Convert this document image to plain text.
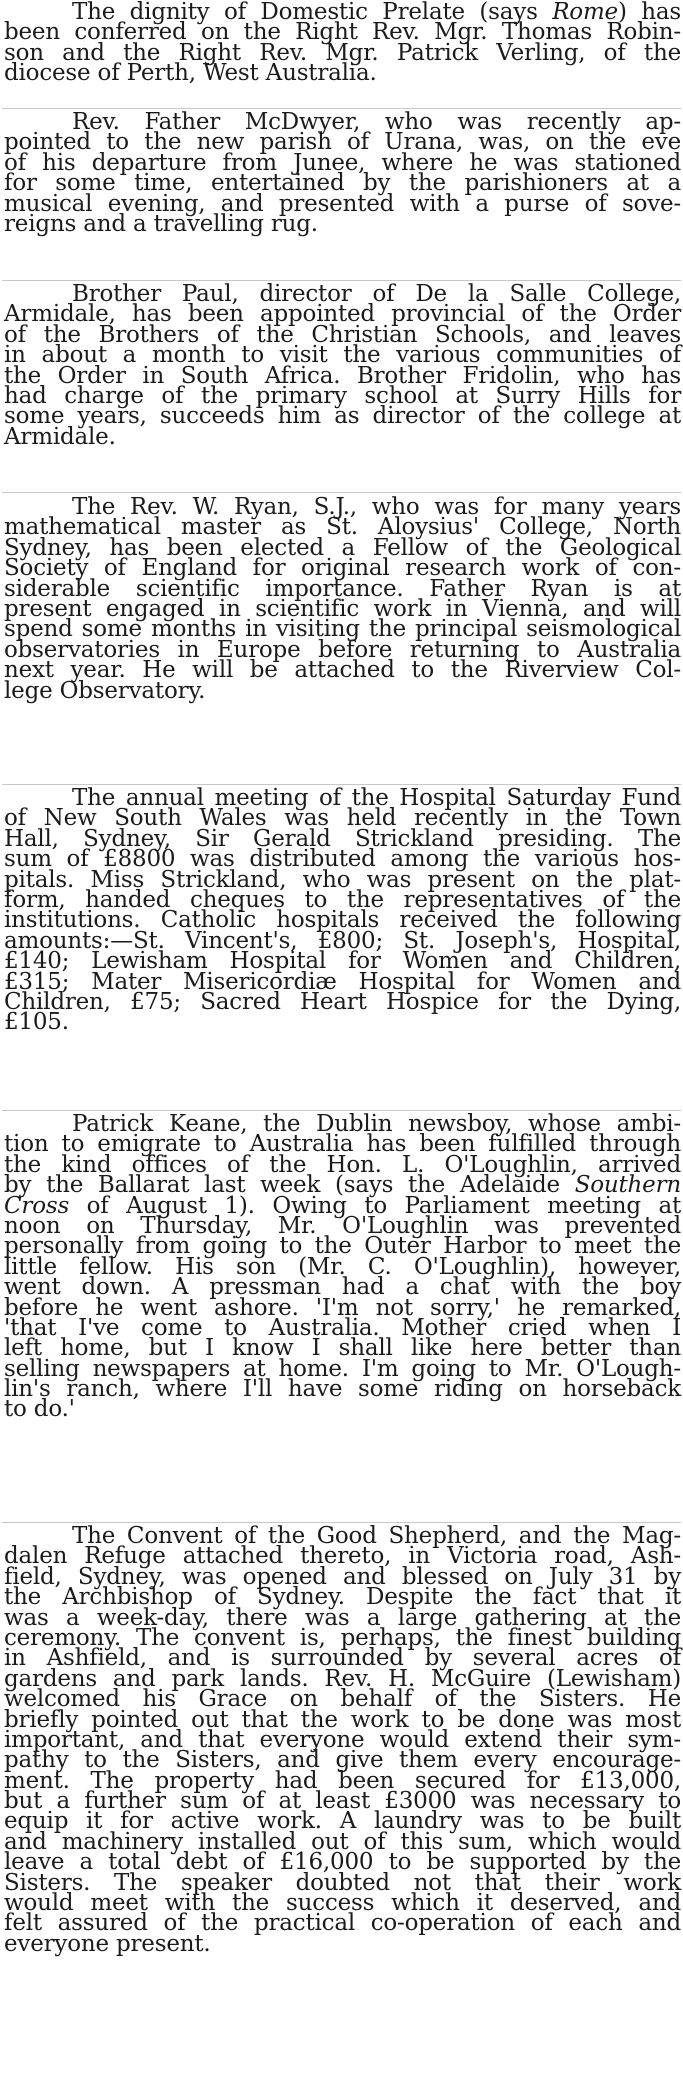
The dignity of Domestic Prelate (says Rome) has
been conferred on the Right Rev. Mgr. Thomas Robin-
son and the Right Rev. Mgr. Patrick Verling, of the
diocese of Perth, West Australia.
Rev. Father McDwyer, who was recently ap-
pointed to the new parish of Urana, was, on the eve
of his departure from Junee, where he was stationed
for some time, entertained by the parishioners at a
musical evening, and presented with a purse of sove-
reigns and a travelling rug.
Brother Paul, director of De la Salle College,
Armidale, has been appointed provincial of the Order
of the Brothers of the Christian Schools, and leaves
in about a month to visit the various communities of
the Order in South Africa. Brother Fridolin, who has
had charge of the primary school at Surry Hills for
some years, succeeds him as director of the college at
Armidale.
The Rev. W. Ryan, S.J., who was for many years
mathematical master as St. Aloysius' College, North
Sydney, has been elected a Fellow of the Geological
Society of England for original research work of con-
siderable scientific importance. Father Ryan is at
present engaged in scientific work in Vienna, and will
spend some months in visiting the principal seismological
observatories in Europe before returning to Australia
next year. He will be attached to the Riverview Col-
lege Observatory.
The annual meeting of the Hospital Saturday Fund
of New South Wales was held recently in the Town
Hall, Sydney, Sir Gerald Strickland presiding. The
sum of £8800 was distributed among the various hos-
pitals. Miss Strickland, who was present on the plat-
form, handed cheques to the representatives of the
institutions. Catholic hospitals received the following
amounts:—St. Vincent's, £800; St. Joseph's, Hospital,
£140; Lewisham Hospital for Women and Children,
£315; Mater Misericordiæ Hospital for Women and
Children, £75; Sacred Heart Hospice for the Dying,
£105.
Patrick Keane, the Dublin newsboy, whose ambi-
tion to emigrate to Australia has been fulfilled through
the kind offices of the Hon. L. O'Loughlin, arrived
by the Ballarat last week (says the Adelaide Southern
Cross of August 1). Owing to Parliament meeting at
noon on Thursday, Mr. O'Loughlin was prevented
personally from going to the Outer Harbor to meet the
little fellow. His son (Mr. C. O'Loughlin), however,
went down. A pressman had a chat with the boy
before he went ashore. 'I'm not sorry,' he remarked,
'that I've come to Australia. Mother cried when I
left home, but I know I shall like here better than
selling newspapers at home. I'm going to Mr. O'Lough-
lin's ranch, where I'll have some riding on horseback
to do.'
The Convent of the Good Shepherd, and the Mag-
dalen Refuge attached thereto, in Victoria road, Ash-
field, Sydney, was opened and blessed on July 31 by
the Archbishop of Sydney. Despite the fact that it
was a week-day, there was a large gathering at the
ceremony. The convent is, perhaps, the finest building
in Ashfield, and is surrounded by several acres of
gardens and park lands. Rev. H. McGuire (Lewisham)
welcomed his Grace on behalf of the Sisters. He
briefly pointed out that the work to be done was most
important, and that everyone would extend their sym-
pathy to the Sisters, and give them every encourage-
ment. The property had been secured for £13,000,
but a further sum of at least £3000 was necessary to
equip it for active work. A laundry was to be built
and machinery installed out of this sum, which would
leave a total debt of £16,000 to be supported by the
Sisters. The speaker doubted not that their work
would meet with the success which it deserved, and
felt assured of the practical co-operation of each and
everyone present.
